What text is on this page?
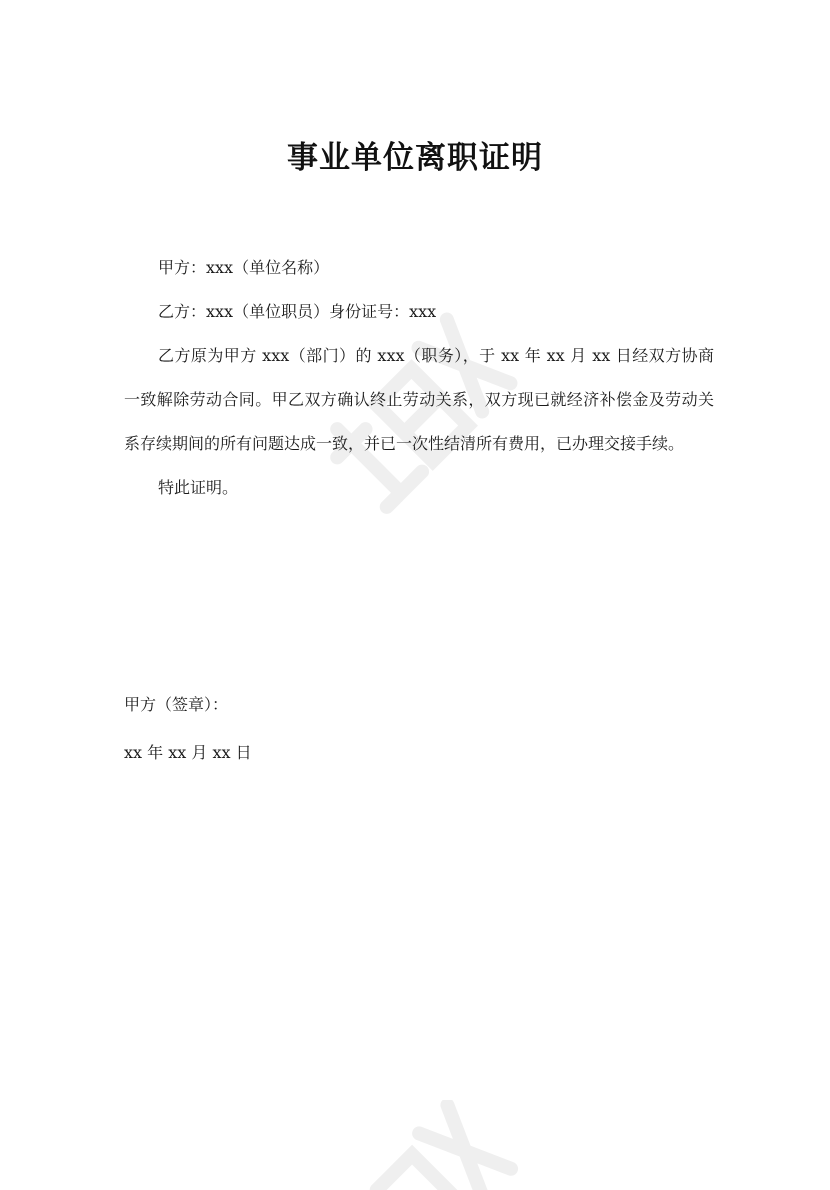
事业单位离职证明

甲方：xxx（单位名称）

乙方：xxx（单位职员）身份证号：xxx

乙方原为甲方 xxx（部门）的 xxx（职务），于 xx 年 xx 月 xx 日经双方协商一致解除劳动合同。甲乙双方确认终止劳动关系，双方现已就经济补偿金及劳动关系存续期间的所有问题达成一致，并已一次性结清所有费用，已办理交接手续。

特此证明。

甲方（签章）：
xx 年 xx 月 xx 日
